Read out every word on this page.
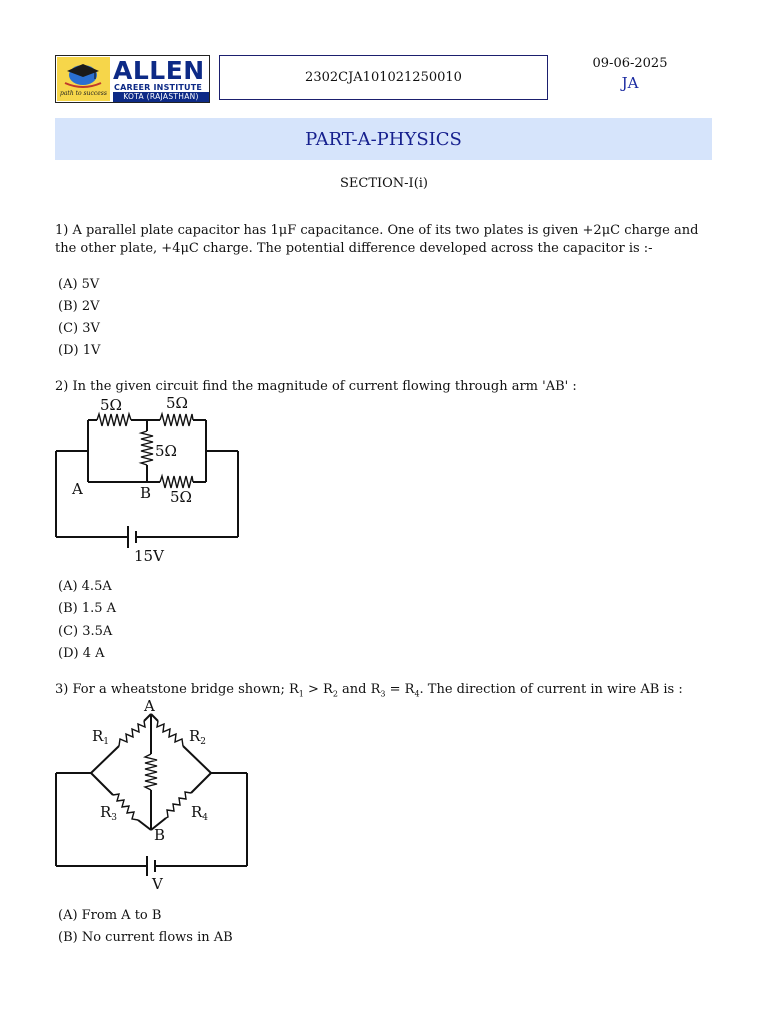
path to success
ALLEN
CAREER INSTITUTE
KOTA (RAJASTHAN)
2302CJA101021250010
09-06-2025
JA
PART-A-PHYSICS
SECTION-I(i)
1) A parallel plate capacitor has 1μF capacitance. One of its two plates is given +2μC charge and the other plate, +4μC charge. The potential difference developed across the capacitor is :-
(A) 5V
(B) 2V
(C) 3V
(D) 1V
2) In the given circuit find the magnitude of current flowing through arm 'AB' :
5Ω	5Ω
5Ω
5Ω
A	B
15V
(A) 4.5A
(B) 1.5 A
(C) 3.5A
(D) 4 A
3) For a wheatstone bridge shown; $R_1 > R_2$ and $R_3 = R_4$. The direction of current in wire AB is :
A
B
$R_1$	$R_2$
$R_3$	$R_4$
V
(A) From A to B
(B) No current flows in AB
